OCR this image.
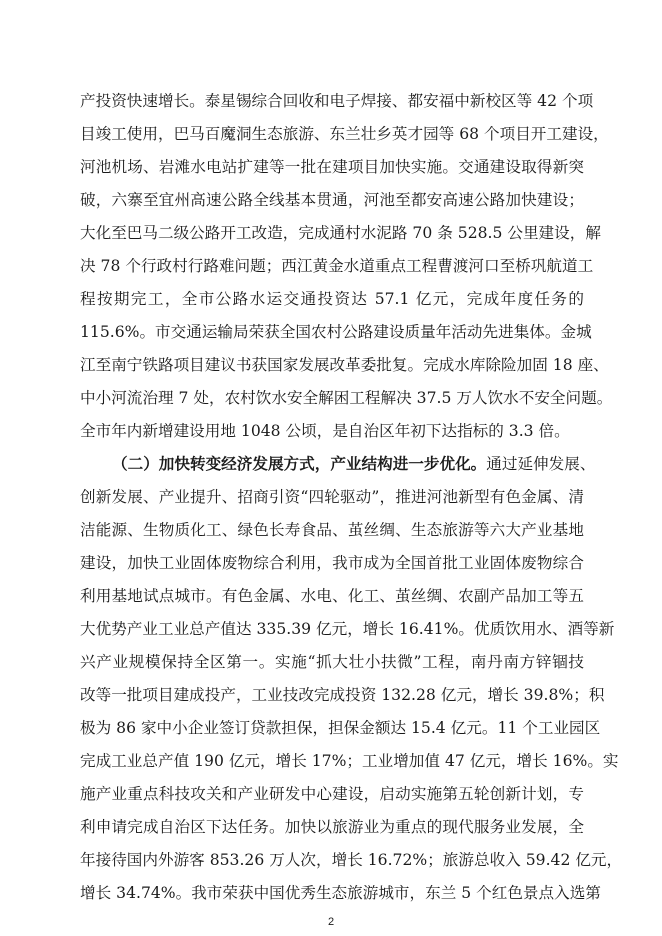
产投资快速增长。泰星锡综合回收和电子焊接、都安福中新校区等 42 个项
目竣工使用，巴马百魔洞生态旅游、东兰壮乡英才园等 68 个项目开工建设，
河池机场、岩滩水电站扩建等一批在建项目加快实施。交通建设取得新突
破，六寨至宜州高速公路全线基本贯通，河池至都安高速公路加快建设；
大化至巴马二级公路开工改造，完成通村水泥路 70 条 528.5 公里建设，解
决 78 个行政村行路难问题；西江黄金水道重点工程曹渡河口至桥巩航道工
程按期完工，全市公路水运交通投资达 57.1 亿元，完成年度任务的
115.6%。市交通运输局荣获全国农村公路建设质量年活动先进集体。金城
江至南宁铁路项目建议书获国家发展改革委批复。完成水库除险加固 18 座、
中小河流治理 7 处，农村饮水安全解困工程解决 37.5 万人饮水不安全问题。
全市年内新增建设用地 1048 公顷，是自治区年初下达指标的 3.3 倍。
（二）加快转变经济发展方式，产业结构进一步优化。通过延伸发展、
创新发展、产业提升、招商引资“四轮驱动”，推进河池新型有色金属、清
洁能源、生物质化工、绿色长寿食品、茧丝绸、生态旅游等六大产业基地
建设，加快工业固体废物综合利用，我市成为全国首批工业固体废物综合
利用基地试点城市。有色金属、水电、化工、茧丝绸、农副产品加工等五
大优势产业工业总产值达 335.39 亿元，增长 16.41%。优质饮用水、酒等新
兴产业规模保持全区第一。实施“抓大壮小扶微”工程，南丹南方锌锢技
改等一批项目建成投产，工业技改完成投资 132.28 亿元，增长 39.8%；积
极为 86 家中小企业签订贷款担保，担保金额达 15.4 亿元。11 个工业园区
完成工业总产值 190 亿元，增长 17%；工业增加值 47 亿元，增长 16%。实
施产业重点科技攻关和产业研发中心建设，启动实施第五轮创新计划，专
利申请完成自治区下达任务。加快以旅游业为重点的现代服务业发展，全
年接待国内外游客 853.26 万人次，增长 16.72%；旅游总收入 59.42 亿元，
增长 34.74%。我市荣获中国优秀生态旅游城市，东兰 5 个红色景点入选第
2
